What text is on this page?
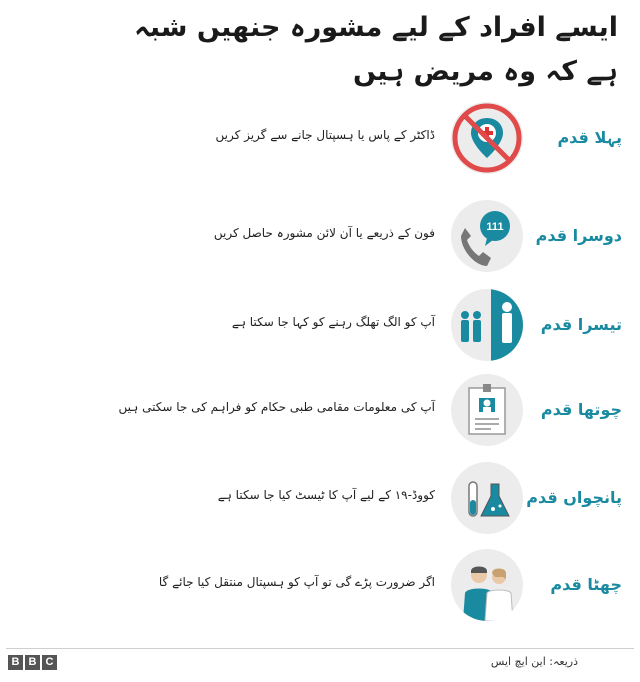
ایسے افراد کے لیے مشورہ جنھیں شبہ ہے کہ وہ مریض ہیں
پہلا قدم
ڈاکٹر کے پاس یا ہسپتال جانے سے گریز کریں
دوسرا قدم
111
فون کے ذریعے یا آن لائن مشورہ حاصل کریں
تیسرا قدم
آپ کو الگ تھلگ رہنے کو کہا جا سکتا ہے
چوتھا قدم
آپ کی معلومات مقامی طبی حکام کو فراہم کی جا سکتی ہیں
پانچواں قدم
کووڈ-۱۹ کے لیے آپ کا ٹیسٹ کیا جا سکتا ہے
چھٹا قدم
اگر ضرورت پڑے گی تو آپ کو ہسپتال منتقل کیا جائے گا
B B C	ذریعہ: این ایچ ایس
